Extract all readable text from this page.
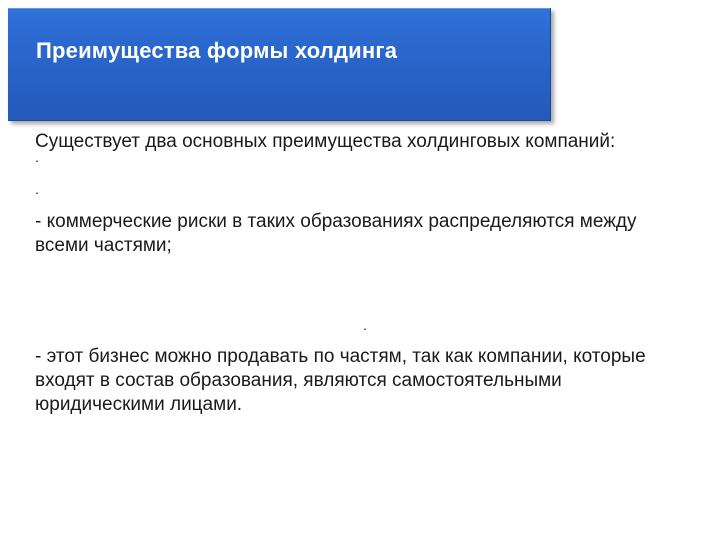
Преимущества формы холдинга

Существует два основных преимущества холдинговых компаний:

.
.

- коммерческие риски в таких образованиях распределяются между всеми частями;

.

- этот бизнес можно продавать по частям, так как компании, которые входят в состав образования, являются самостоятельными юридическими лицами.
